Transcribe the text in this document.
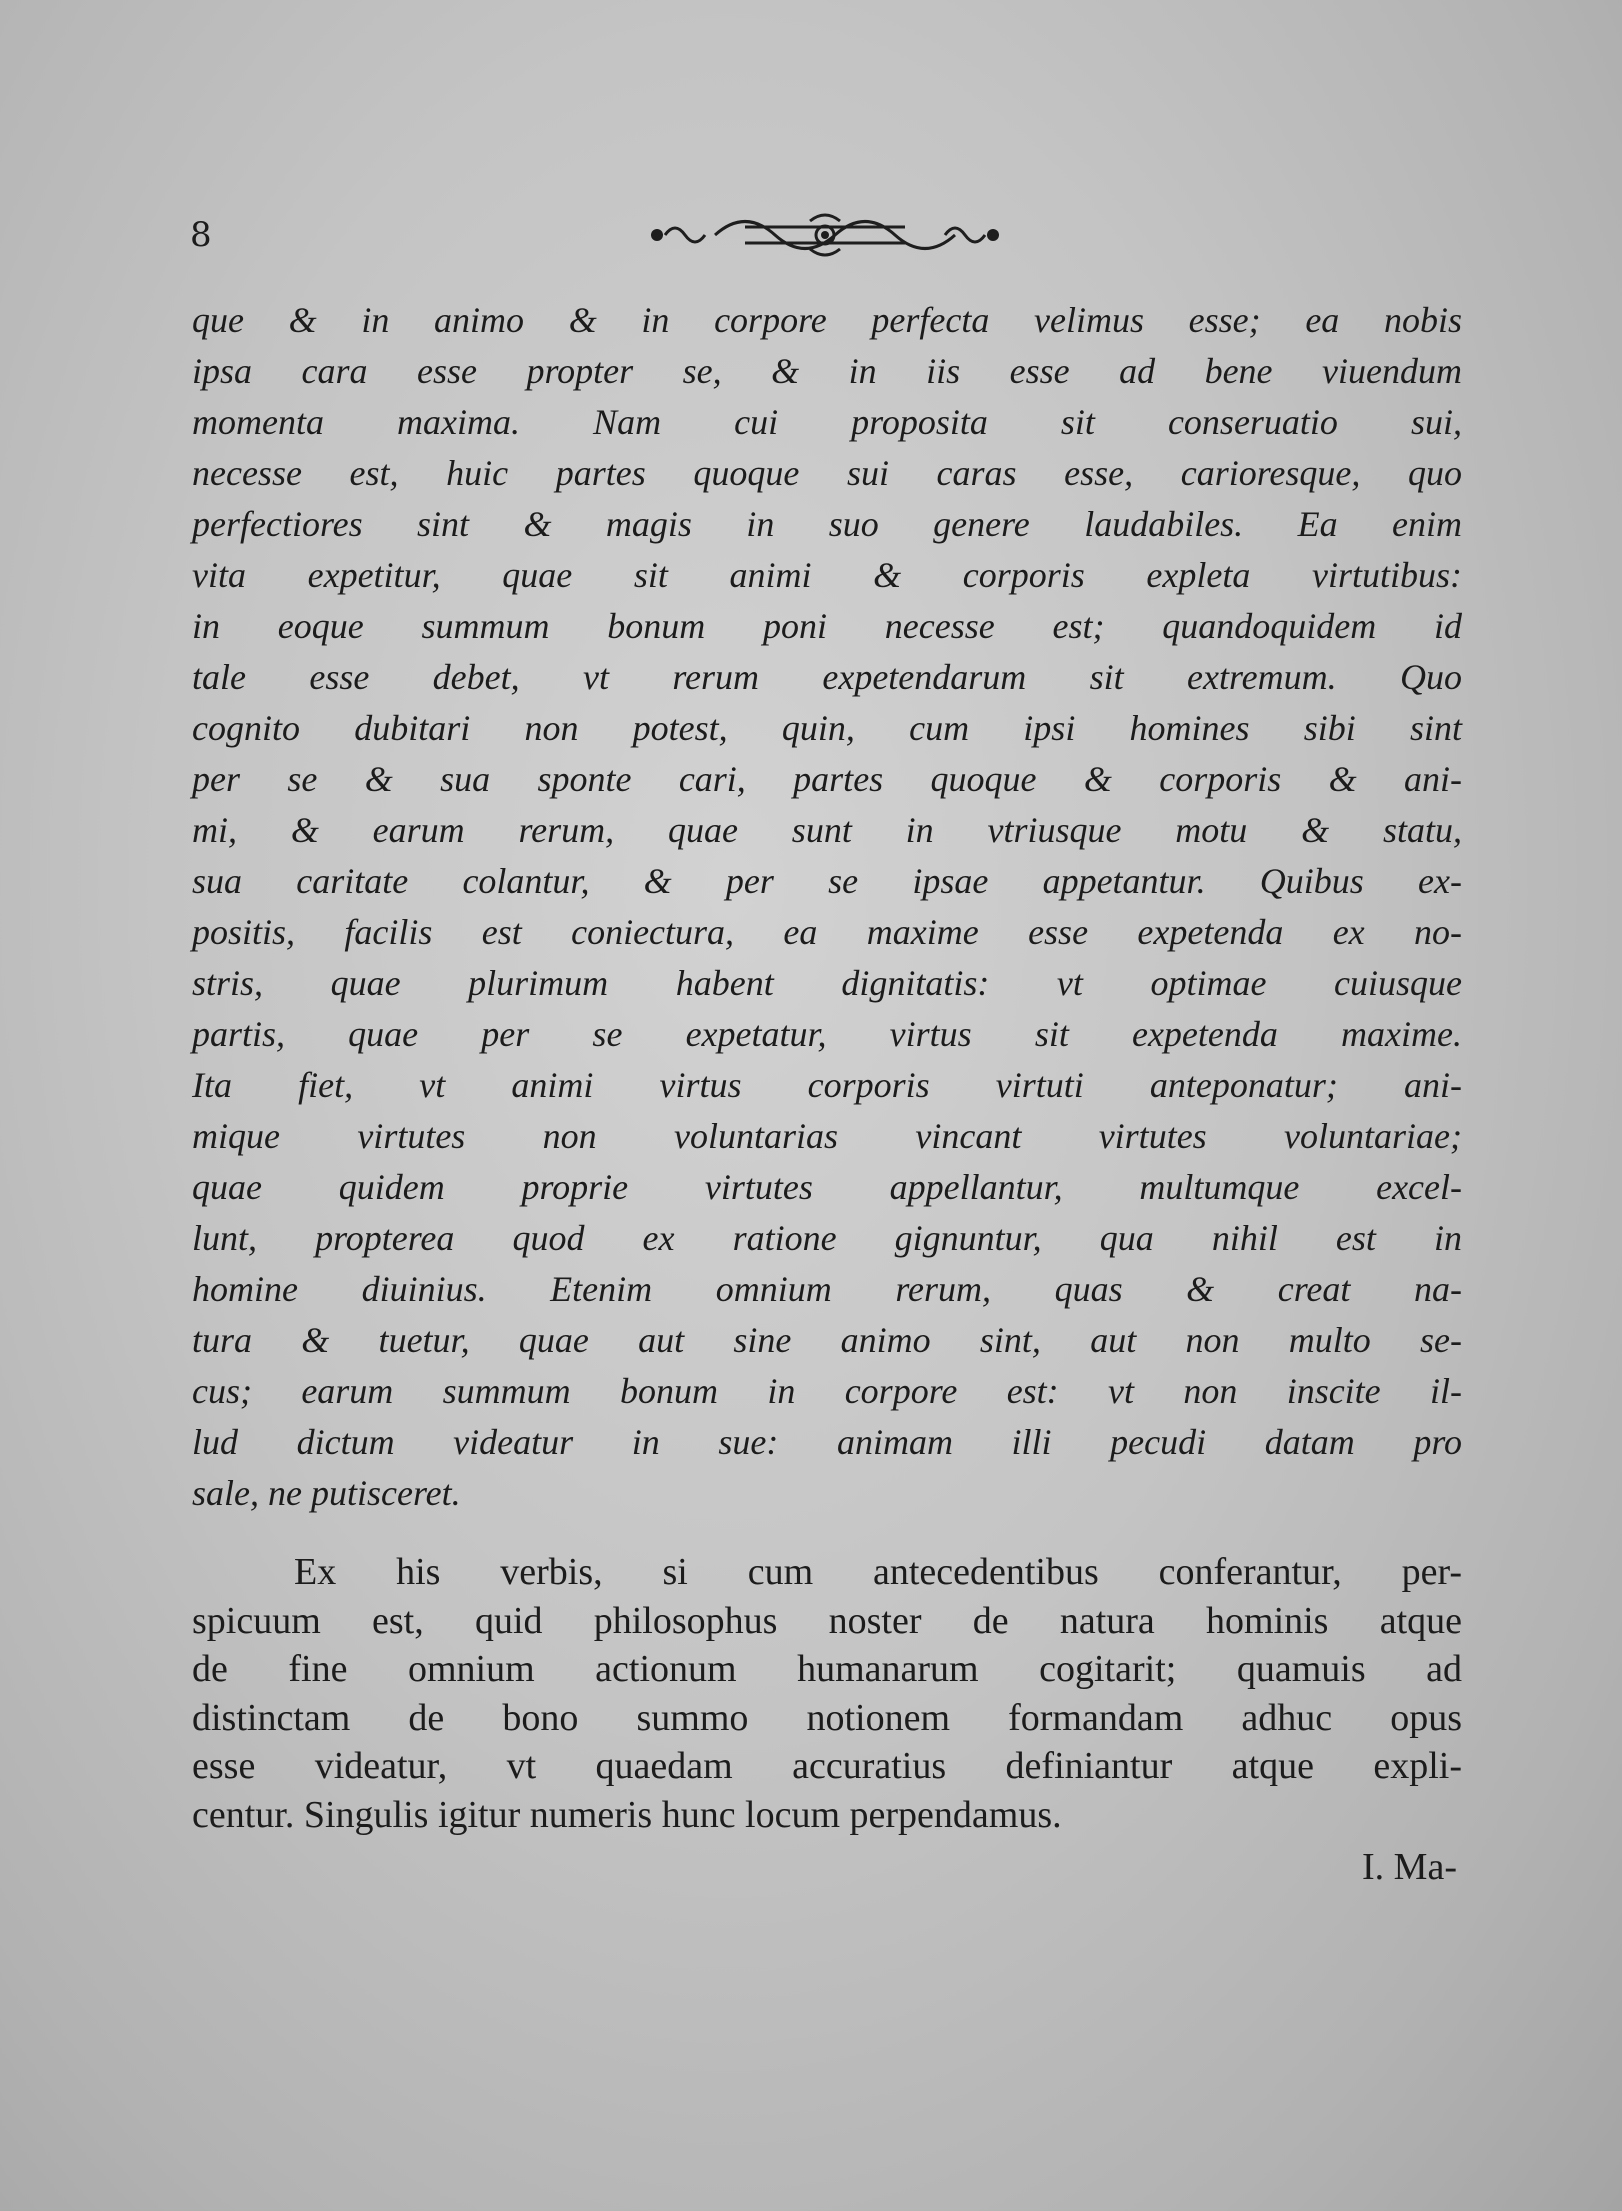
8
que & in animo & in corpore perfecta velimus esse; ea nobis
ipsa cara esse propter se, & in iis esse ad bene viuendum
momenta maxima. Nam cui proposita sit conseruatio sui,
necesse est, huic partes quoque sui caras esse, carioresque, quo
perfectiores sint & magis in suo genere laudabiles. Ea enim
vita expetitur, quae sit animi & corporis expleta virtutibus:
in eoque summum bonum poni necesse est; quandoquidem id
tale esse debet, vt rerum expetendarum sit extremum. Quo
cognito dubitari non potest, quin, cum ipsi homines sibi sint
per se & sua sponte cari, partes quoque & corporis & ani-
mi, & earum rerum, quae sunt in vtriusque motu & statu,
sua caritate colantur, & per se ipsae appetantur. Quibus ex-
positis, facilis est coniectura, ea maxime esse expetenda ex no-
stris, quae plurimum habent dignitatis: vt optimae cuiusque
partis, quae per se expetatur, virtus sit expetenda maxime.
Ita fiet, vt animi virtus corporis virtuti anteponatur; ani-
mique virtutes non voluntarias vincant virtutes voluntariae;
quae quidem proprie virtutes appellantur, multumque excel-
lunt, propterea quod ex ratione gignuntur, qua nihil est in
homine diuinius. Etenim omnium rerum, quas & creat na-
tura & tuetur, quae aut sine animo sint, aut non multo se-
cus; earum summum bonum in corpore est: vt non inscite il-
lud dictum videatur in sue: animam illi pecudi datam pro
sale, ne putisceret.
Ex his verbis, si cum antecedentibus conferantur, per-
spicuum est, quid philosophus noster de natura hominis atque
de fine omnium actionum humanarum cogitarit; quamuis ad
distinctam de bono summo notionem formandam adhuc opus
esse videatur, vt quaedam accuratius definiantur atque expli-
centur. Singulis igitur numeris hunc locum perpendamus.
I. Ma-
